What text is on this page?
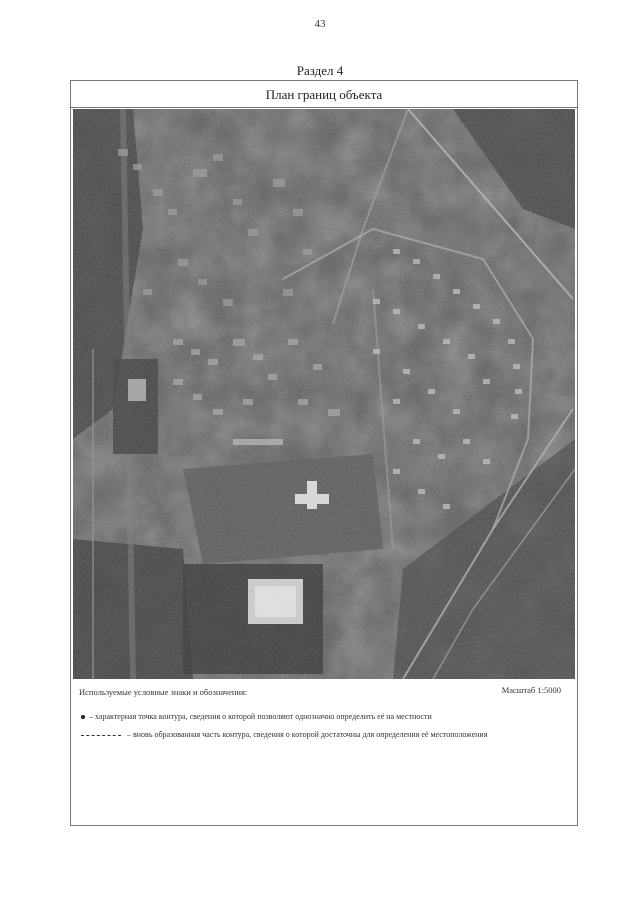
43
Раздел 4
План границ объекта
Используемые условные знаки и обозначения:	Масштаб 1:5000
– характерная точка контура, сведения о которой позволяют однозначно определить её на местности
– вновь образованная часть контура, сведения о которой достаточны для определения её местоположения
